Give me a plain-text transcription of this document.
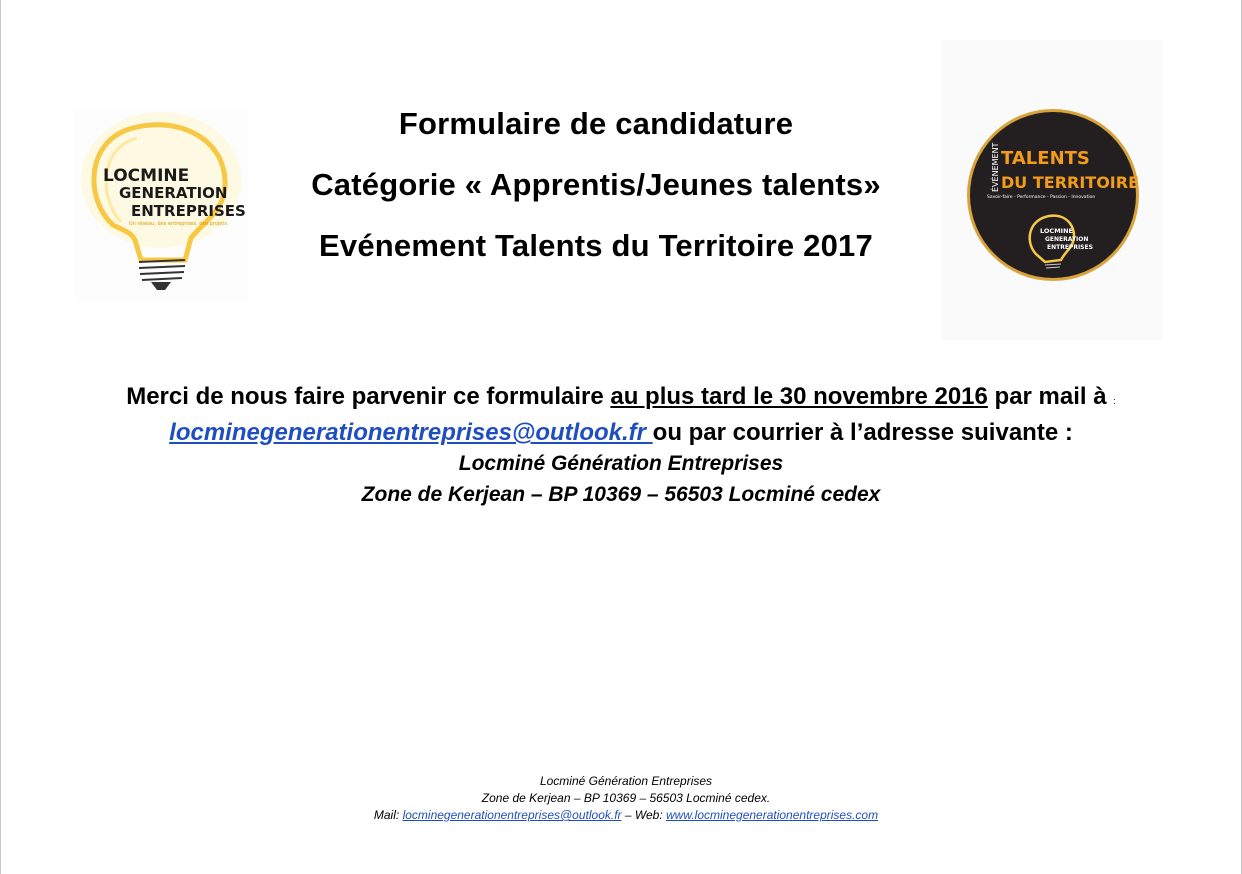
LOCMINE
GENERATION
ENTREPRISES
Un réseau, des entreprises, des projets
Formulaire de candidature
Catégorie « Apprentis/Jeunes talents»
Evénement Talents du Territoire 2017
ÉVÉNEMENT TALENTS
DU TERRITOIRE
Savoir-faire - Performance - Passion - Innovation
LOCMINE
GENERATION
ENTREPRISES
Merci de nous faire parvenir ce formulaire au plus tard le 30 novembre 2016 par mail à :
locminegenerationentreprises@outlook.fr ou par courrier à l’adresse suivante :
Locminé Génération Entreprises
Zone de Kerjean – BP 10369 – 56503 Locminé cedex
Locminé Génération Entreprises
Zone de Kerjean – BP 10369 – 56503 Locminé cedex.
Mail: locminegenerationentreprises@outlook.fr – Web: www.locminegenerationentreprises.com
